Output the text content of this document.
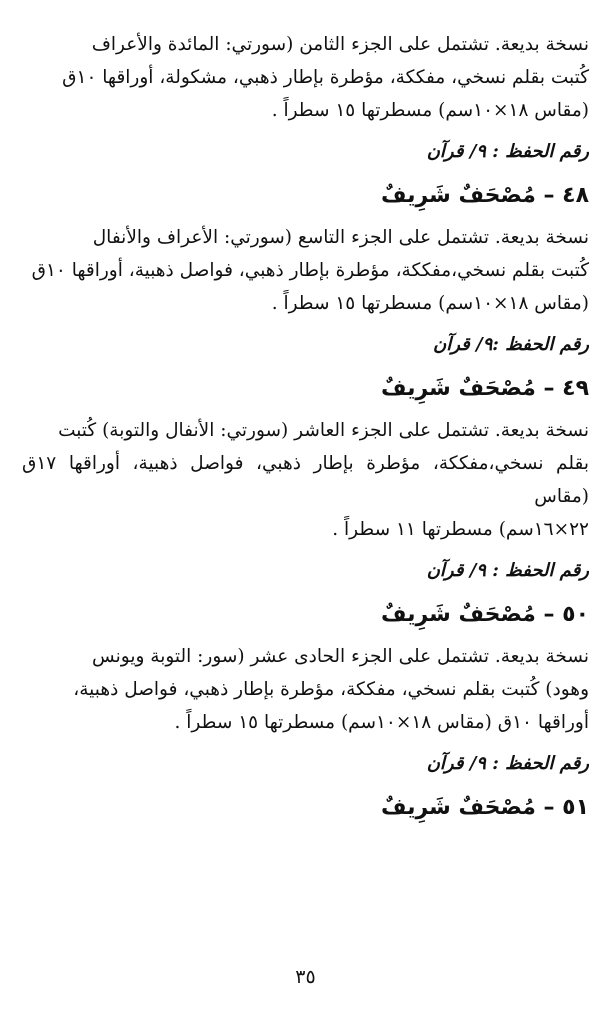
نسخة بديعة. تشتمل على الجزء الثامن (سورتي: المائدة والأعراف
كُتبت بقلم نسخي، مفككة، مؤطرة بإطار ذهبي، مشكولة، أوراقها ١٠ق
(مقاس ١٨×١٠سم) مسطرتها ١٥ سطراً .
رقم الحفظ : ٩/ قرآن
٤٨ – مُصْحَفٌ شَرِيفٌ
نسخة بديعة. تشتمل على الجزء التاسع (سورتي: الأعراف والأنفال
كُتبت بقلم نسخي،مفككة، مؤطرة بإطار ذهبي، فواصل ذهبية، أوراقها ١٠ق
(مقاس ١٨×١٠سم) مسطرتها ١٥ سطراً .
رقم الحفظ :٩/ قرآن
٤٩ – مُصْحَفٌ شَرِيفٌ
نسخة بديعة. تشتمل على الجزء العاشر (سورتي: الأنفال والتوبة) كُتبت
بقلم نسخي،مفككة، مؤطرة بإطار ذهبي، فواصل ذهبية، أوراقها ١٧ق (مقاس
٢٢×١٦سم) مسطرتها ١١ سطراً .
رقم الحفظ : ٩/ قرآن
٥٠ – مُصْحَفٌ شَرِيفٌ
نسخة بديعة. تشتمل على الجزء الحادى عشر (سور: التوبة ويونس
وهود) كُتبت بقلم نسخي، مفككة، مؤطرة بإطار ذهبي، فواصل ذهبية،
أوراقها ١٠ق (مقاس ١٨×١٠سم) مسطرتها ١٥ سطراً .
رقم الحفظ : ٩/ قرآن
٥١ – مُصْحَفٌ شَرِيفٌ
٣٥
